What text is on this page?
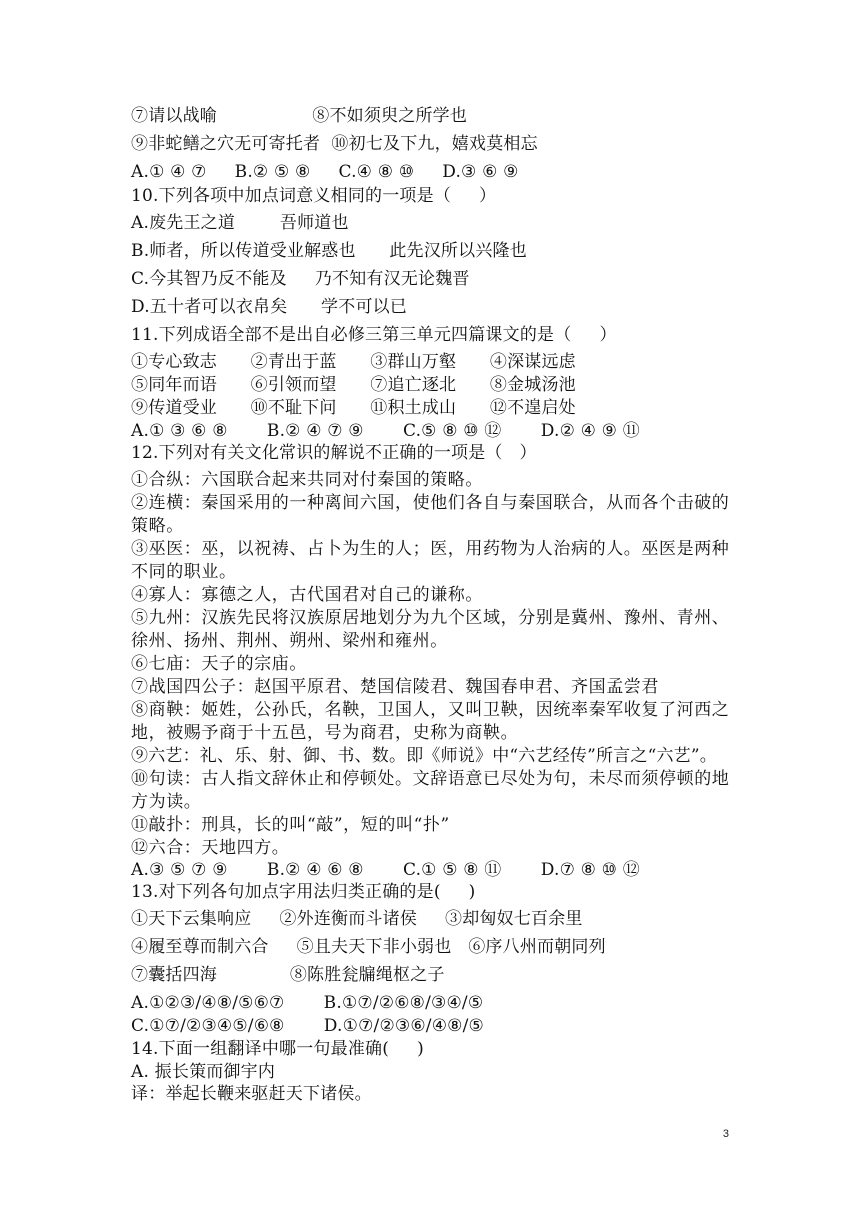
⑦请以战喻                 ⑧不如须臾之所学也
⑨非蛇鳝之穴无可寄托者  ⑩初七及下九，嬉戏莫相忘
A.① ④ ⑦     B.② ⑤ ⑧     C.④ ⑧ ⑩     D.③ ⑥ ⑨
10.下列各项中加点词意义相同的一项是（     ）
A.废先王之道        吾师道也
B.师者，所以传道受业解惑也      此先汉所以兴隆也
C.今其智乃反不能及     乃不知有汉无论魏晋
D.五十者可以衣帛矣      学不可以已
11.下列成语全部不是出自必修三第三单元四篇课文的是（     ）
①专心致志      ②青出于蓝      ③群山万壑      ④深谋远虑
⑤同年而语      ⑥引领而望      ⑦追亡逐北      ⑧金城汤池
⑨传道受业      ⑩不耻下问      ⑪积土成山      ⑫不遑启处
A.① ③ ⑥ ⑧       B.② ④ ⑦ ⑨       C.⑤ ⑧ ⑩ ⑫       D.② ④ ⑨ ⑪
12.下列对有关文化常识的解说不正确的一项是（   ）
①合纵：六国联合起来共同对付秦国的策略。
②连横：秦国采用的一种离间六国，使他们各自与秦国联合，从而各个击破的
策略。
③巫医：巫，以祝祷、占卜为生的人；医，用药物为人治病的人。巫医是两种
不同的职业。
④寡人：寡德之人，古代国君对自己的谦称。
⑤九州：汉族先民将汉族原居地划分为九个区域，分别是冀州、豫州、青州、
徐州、扬州、荆州、朔州、梁州和雍州。
⑥七庙：天子的宗庙。
⑦战国四公子：赵国平原君、楚国信陵君、魏国春申君、齐国孟尝君
⑧商鞅：姬姓，公孙氏，名鞅，卫国人，又叫卫鞅，因统率秦军收复了河西之
地，被赐予商于十五邑，号为商君，史称为商鞅。
⑨六艺：礼、乐、射、御、书、数。即《师说》中“六艺经传”所言之“六艺”。
⑩句读：古人指文辞休止和停顿处。文辞语意已尽处为句，未尽而须停顿的地
方为读。
⑪敲扑：刑具，长的叫“敲”，短的叫“扑”
⑫六合：天地四方。
A.③ ⑤ ⑦ ⑨       B.② ④ ⑥ ⑧       C.① ⑤ ⑧ ⑪       D.⑦ ⑧ ⑩ ⑫
13.对下列各句加点字用法归类正确的是(     )
①天下云集响应     ②外连衡而斗诸侯     ③却匈奴七百余里
④履至尊而制六合     ⑤且夫天下非小弱也   ⑥序八州而朝同列
⑦囊括四海             ⑧陈胜瓮牖绳枢之子
A.①②③/④⑧/⑤⑥⑦       B.①⑦/②⑥⑧/③④/⑤
C.①⑦/②③④⑤/⑥⑧       D.①⑦/②③⑥/④⑧/⑤
14.下面一组翻译中哪一句最准确(     )
A. 振长策而御宇内
译：举起长鞭来驱赶天下诸侯。
3
